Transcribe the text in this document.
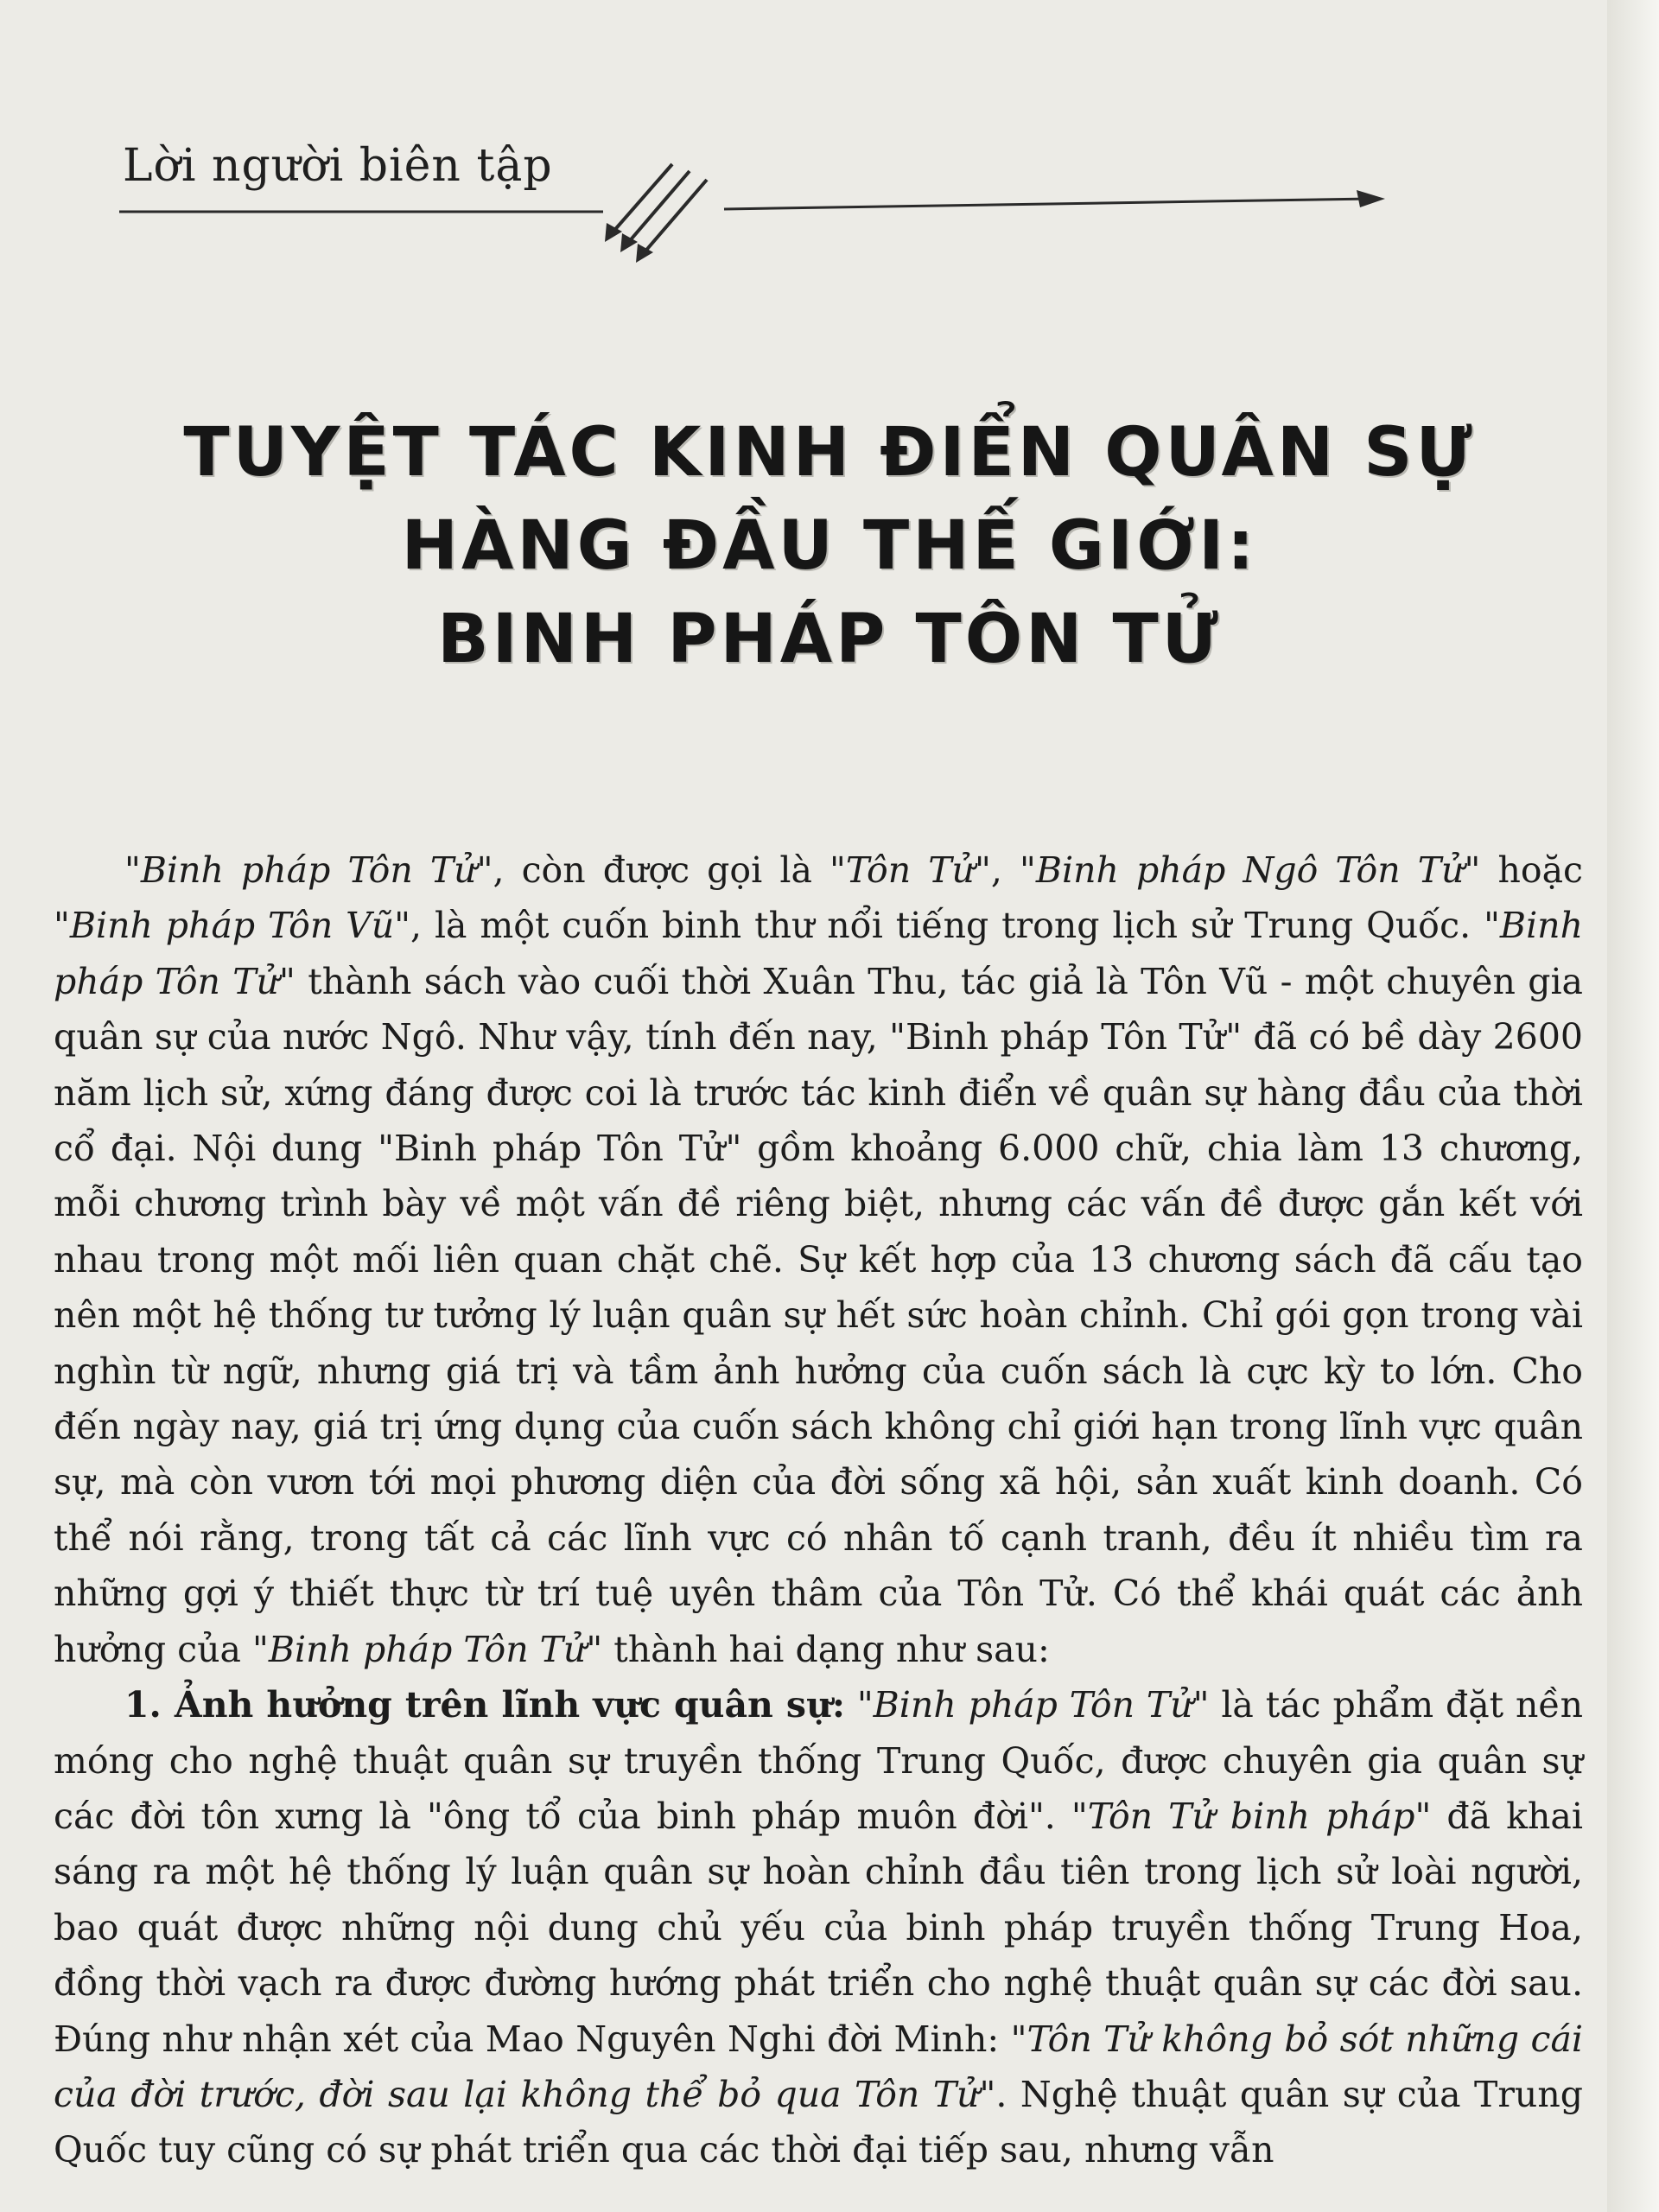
Lời người biên tập
TUYỆT TÁC KINH ĐIỂN QUÂN SỰ
HÀNG ĐẦU THẾ GIỚI:
BINH PHÁP TÔN TỬ

"Binh pháp Tôn Tử", còn được gọi là "Tôn Tử", "Binh pháp Ngô Tôn Tử" hoặc "Binh pháp Tôn Vũ", là một cuốn binh thư nổi tiếng trong lịch sử Trung Quốc. "Binh pháp Tôn Tử" thành sách vào cuối thời Xuân Thu, tác giả là Tôn Vũ - một chuyên gia quân sự của nước Ngô. Như vậy, tính đến nay, "Binh pháp Tôn Tử" đã có bề dày 2600 năm lịch sử, xứng đáng được coi là trước tác kinh điển về quân sự hàng đầu của thời cổ đại. Nội dung "Binh pháp Tôn Tử" gồm khoảng 6.000 chữ, chia làm 13 chương, mỗi chương trình bày về một vấn đề riêng biệt, nhưng các vấn đề được gắn kết với nhau trong một mối liên quan chặt chẽ. Sự kết hợp của 13 chương sách đã cấu tạo nên một hệ thống tư tưởng lý luận quân sự hết sức hoàn chỉnh. Chỉ gói gọn trong vài nghìn từ ngữ, nhưng giá trị và tầm ảnh hưởng của cuốn sách là cực kỳ to lớn. Cho đến ngày nay, giá trị ứng dụng của cuốn sách không chỉ giới hạn trong lĩnh vực quân sự, mà còn vươn tới mọi phương diện của đời sống xã hội, sản xuất kinh doanh. Có thể nói rằng, trong tất cả các lĩnh vực có nhân tố cạnh tranh, đều ít nhiều tìm ra những gợi ý thiết thực từ trí tuệ uyên thâm của Tôn Tử. Có thể khái quát các ảnh hưởng của "Binh pháp Tôn Tử" thành hai dạng như sau:

1. Ảnh hưởng trên lĩnh vực quân sự: "Binh pháp Tôn Tử" là tác phẩm đặt nền móng cho nghệ thuật quân sự truyền thống Trung Quốc, được chuyên gia quân sự các đời tôn xưng là "ông tổ của binh pháp muôn đời". "Tôn Tử binh pháp" đã khai sáng ra một hệ thống lý luận quân sự hoàn chỉnh đầu tiên trong lịch sử loài người, bao quát được những nội dung chủ yếu của binh pháp truyền thống Trung Hoa, đồng thời vạch ra được đường hướng phát triển cho nghệ thuật quân sự các đời sau. Đúng như nhận xét của Mao Nguyên Nghi đời Minh: "Tôn Tử không bỏ sót những cái của đời trước, đời sau lại không thể bỏ qua Tôn Tử". Nghệ thuật quân sự của Trung Quốc tuy cũng có sự phát triển qua các thời đại tiếp sau, nhưng vẫn
